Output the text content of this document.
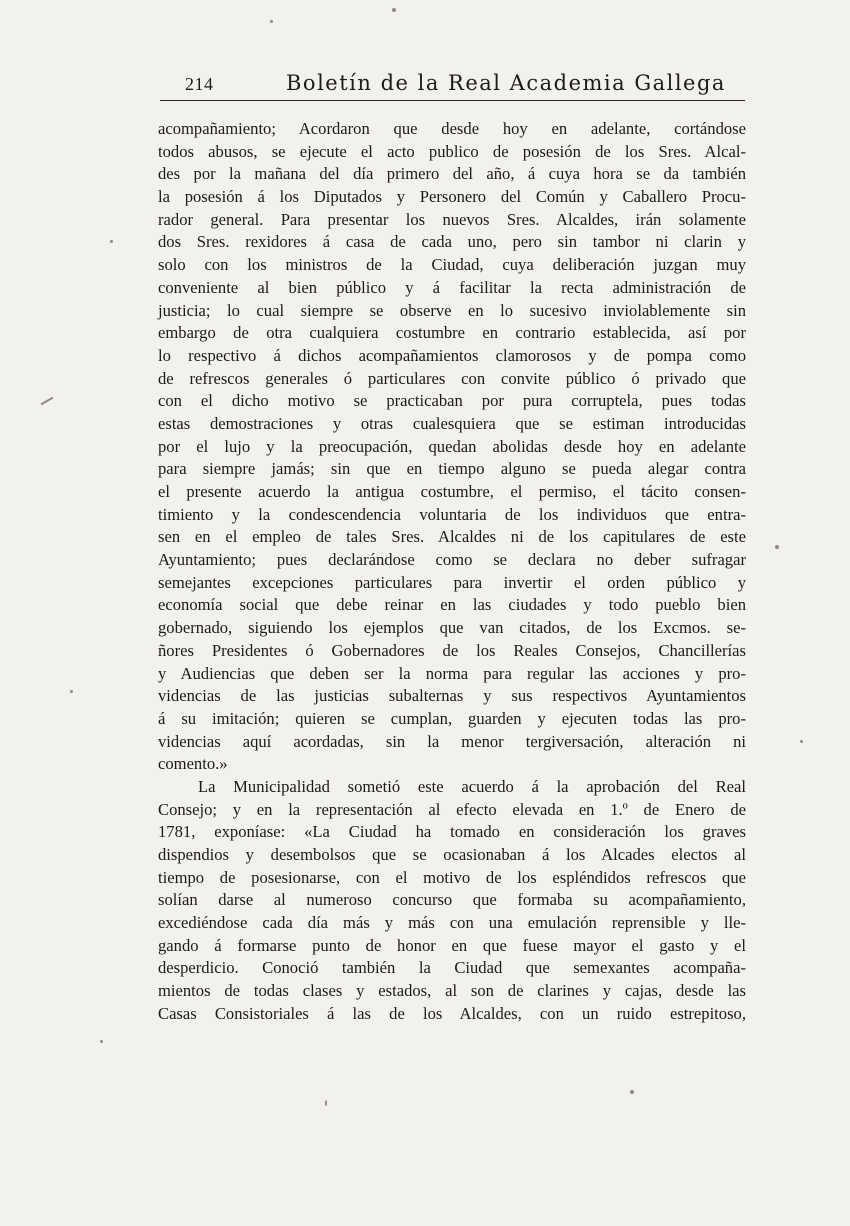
214	Boletín de la Real Academia Gallega
acompañamiento; Acordaron que desde hoy en adelante, cortándose
todos abusos, se ejecute el acto publico de posesión de los Sres. Alcal-
des por la mañana del día primero del año, á cuya hora se da también
la posesión á los Diputados y Personero del Común y Caballero Procu-
rador general. Para presentar los nuevos Sres. Alcaldes, irán solamente
dos Sres. rexidores á casa de cada uno, pero sin tambor ni clarin y
solo con los ministros de la Ciudad, cuya deliberación juzgan muy
conveniente al bien público y á facilitar la recta administración de
justicia; lo cual siempre se observe en lo sucesivo inviolablemente sin
embargo de otra cualquiera costumbre en contrario establecida, así por
lo respectivo á dichos acompañamientos clamorosos y de pompa como
de refrescos generales ó particulares con convite público ó privado que
con el dicho motivo se practicaban por pura corruptela, pues todas
estas demostraciones y otras cualesquiera que se estiman introducidas
por el lujo y la preocupación, quedan abolidas desde hoy en adelante
para siempre jamás; sin que en tiempo alguno se pueda alegar contra
el presente acuerdo la antigua costumbre, el permiso, el tácito consen-
timiento y la condescendencia voluntaria de los individuos que entra-
sen en el empleo de tales Sres. Alcaldes ni de los capitulares de este
Ayuntamiento; pues declarándose como se declara no deber sufragar
semejantes excepciones particulares para invertir el orden público y
economía social que debe reinar en las ciudades y todo pueblo bien
gobernado, siguiendo los ejemplos que van citados, de los Excmos. se-
ñores Presidentes ó Gobernadores de los Reales Consejos, Chancillerías
y Audiencias que deben ser la norma para regular las acciones y pro-
videncias de las justicias subalternas y sus respectivos Ayuntamientos
á su imitación; quieren se cumplan, guarden y ejecuten todas las pro-
videncias aquí acordadas, sin la menor tergiversación, alteración ni
comento.»
La Municipalidad sometió este acuerdo á la aprobación del Real
Consejo; y en la representación al efecto elevada en 1.º de Enero de
1781, exponíase: «La Ciudad ha tomado en consideración los graves
dispendios y desembolsos que se ocasionaban á los Alcades electos al
tiempo de posesionarse, con el motivo de los espléndidos refrescos que
solían darse al numeroso concurso que formaba su acompañamiento,
excediéndose cada día más y más con una emulación reprensible y lle-
gando á formarse punto de honor en que fuese mayor el gasto y el
desperdicio. Conoció también la Ciudad que semexantes acompaña-
mientos de todas clases y estados, al son de clarines y cajas, desde las
Casas Consistoriales á las de los Alcaldes, con un ruido estrepitoso,
